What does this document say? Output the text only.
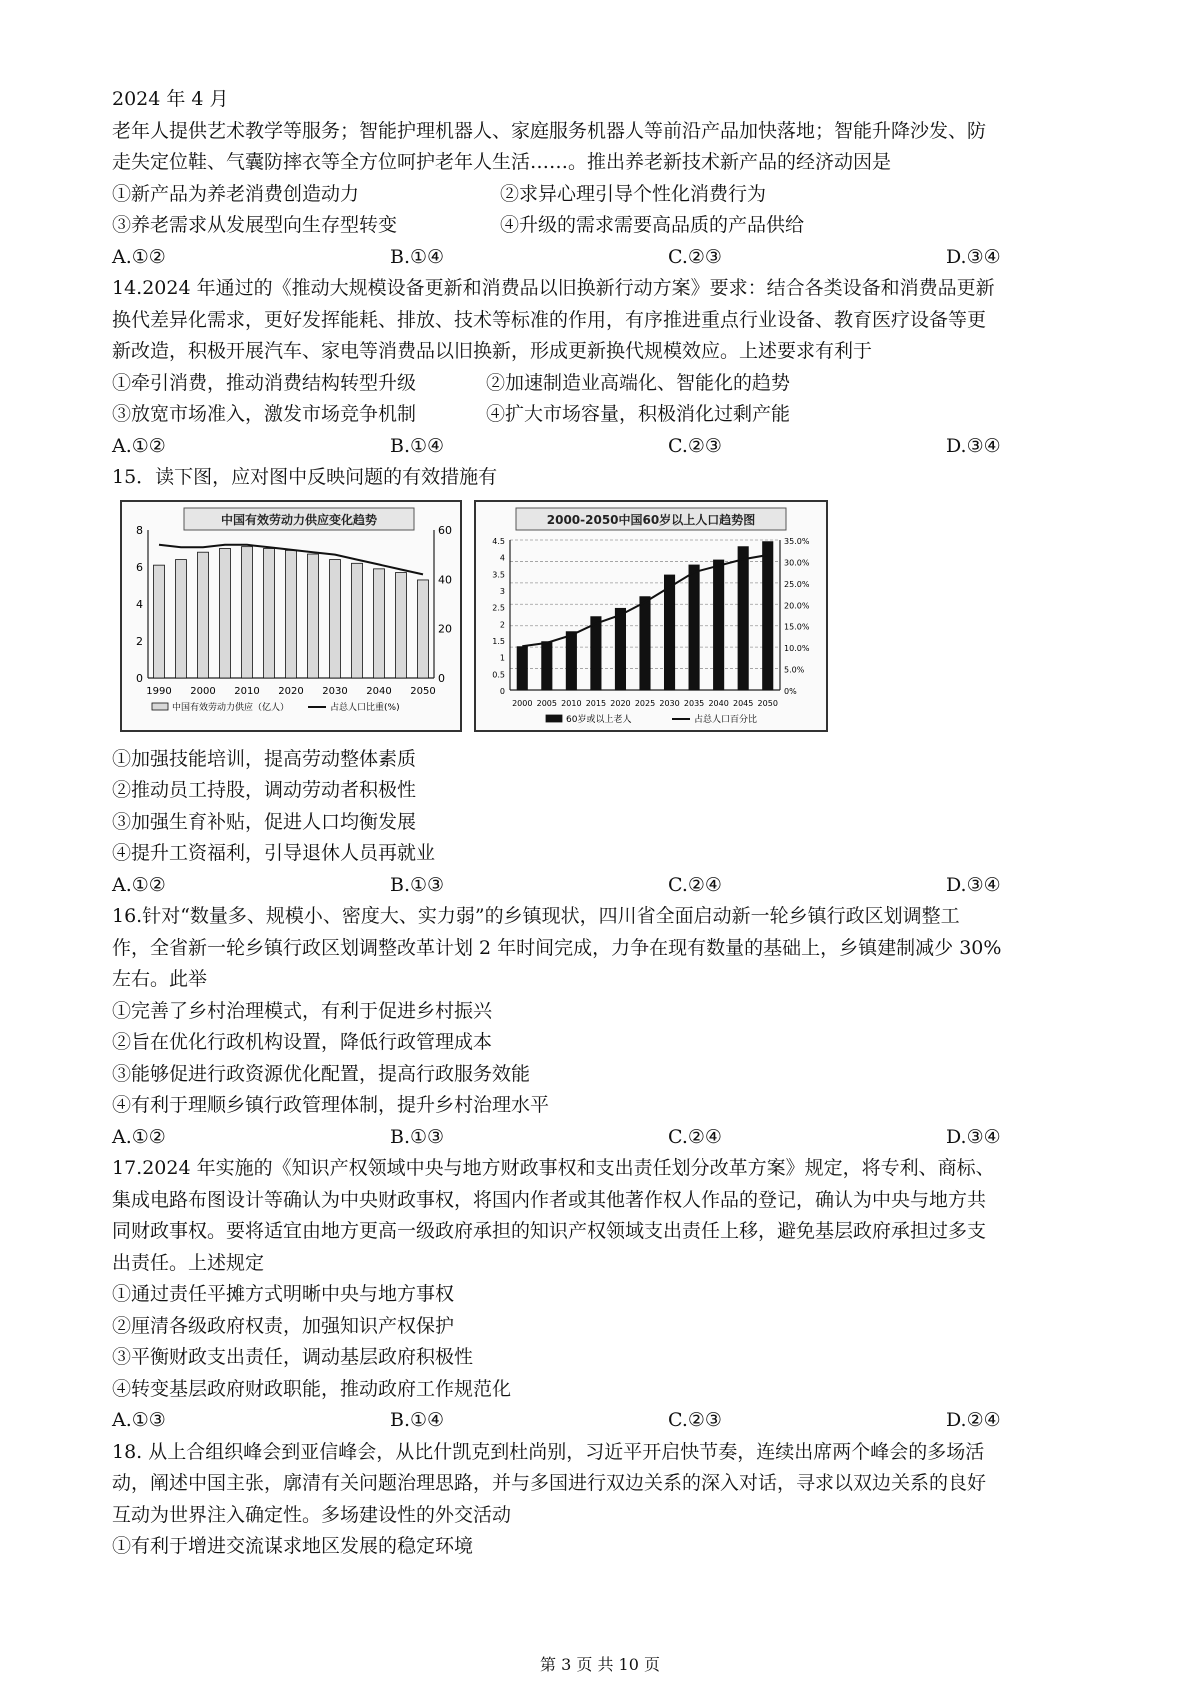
2024 年 4 月
老年人提供艺术教学等服务；智能护理机器人、家庭服务机器人等前沿产品加快落地；智能升降沙发、防
走失定位鞋、气囊防摔衣等全方位呵护老年人生活……。推出养老新技术新产品的经济动因是
①新产品为养老消费创造动力	②求异心理引导个性化消费行为
③养老需求从发展型向生存型转变	④升级的需求需要高品质的产品供给
A.①②	B.①④	C.②③	D.③④
14.2024 年通过的《推动大规模设备更新和消费品以旧换新行动方案》要求：结合各类设备和消费品更新
换代差异化需求，更好发挥能耗、排放、技术等标准的作用，有序推进重点行业设备、教育医疗设备等更
新改造，积极开展汽车、家电等消费品以旧换新，形成更新换代规模效应。上述要求有利于
①牵引消费，推动消费结构转型升级	②加速制造业高端化、智能化的趋势
③放宽市场准入，激发市场竞争机制	④扩大市场容量，积极消化过剩产能
A.①②	B.①④	C.②③	D.③④
15．读下图，应对图中反映问题的有效措施有
中国有效劳动力供应变化趋势
0
2
4
6
8
0
20
40
60
1990 2000 2010 2020 2030 2040 2050
中国有效劳动力供应（亿人）	占总人口比重(%)
2000-2050中国60岁以上人口趋势图
0
0.5
1
1.5
2
2.5
3
3.5
4
4.5
0%
5.0%
10.0%
15.0%
20.0%
25.0%
30.0%
35.0%
2000 2005 2010 2015 2020 2025 2030 2035 2040 2045 2050
60岁或以上老人	占总人口百分比
①加强技能培训，提高劳动整体素质
②推动员工持股，调动劳动者积极性
③加强生育补贴，促进人口均衡发展
④提升工资福利，引导退休人员再就业
A.①②	B.①③	C.②④	D.③④
16.针对“数量多、规模小、密度大、实力弱”的乡镇现状，四川省全面启动新一轮乡镇行政区划调整工
作，全省新一轮乡镇行政区划调整改革计划 2 年时间完成，力争在现有数量的基础上，乡镇建制减少 30%
左右。此举
①完善了乡村治理模式，有利于促进乡村振兴
②旨在优化行政机构设置，降低行政管理成本
③能够促进行政资源优化配置，提高行政服务效能
④有利于理顺乡镇行政管理体制，提升乡村治理水平
A.①②	B.①③	C.②④	D.③④
17.2024 年实施的《知识产权领域中央与地方财政事权和支出责任划分改革方案》规定，将专利、商标、
集成电路布图设计等确认为中央财政事权，将国内作者或其他著作权人作品的登记，确认为中央与地方共
同财政事权。要将适宜由地方更高一级政府承担的知识产权领域支出责任上移，避免基层政府承担过多支
出责任。上述规定
①通过责任平摊方式明晰中央与地方事权
②厘清各级政府权责，加强知识产权保护
③平衡财政支出责任，调动基层政府积极性
④转变基层政府财政职能，推动政府工作规范化
A.①③	B.①④	C.②③	D.②④
18. 从上合组织峰会到亚信峰会，从比什凯克到杜尚别，习近平开启快节奏，连续出席两个峰会的多场活
动，阐述中国主张，廓清有关问题治理思路，并与多国进行双边关系的深入对话，寻求以双边关系的良好
互动为世界注入确定性。多场建设性的外交活动
①有利于增进交流谋求地区发展的稳定环境
第 3 页 共 10 页
